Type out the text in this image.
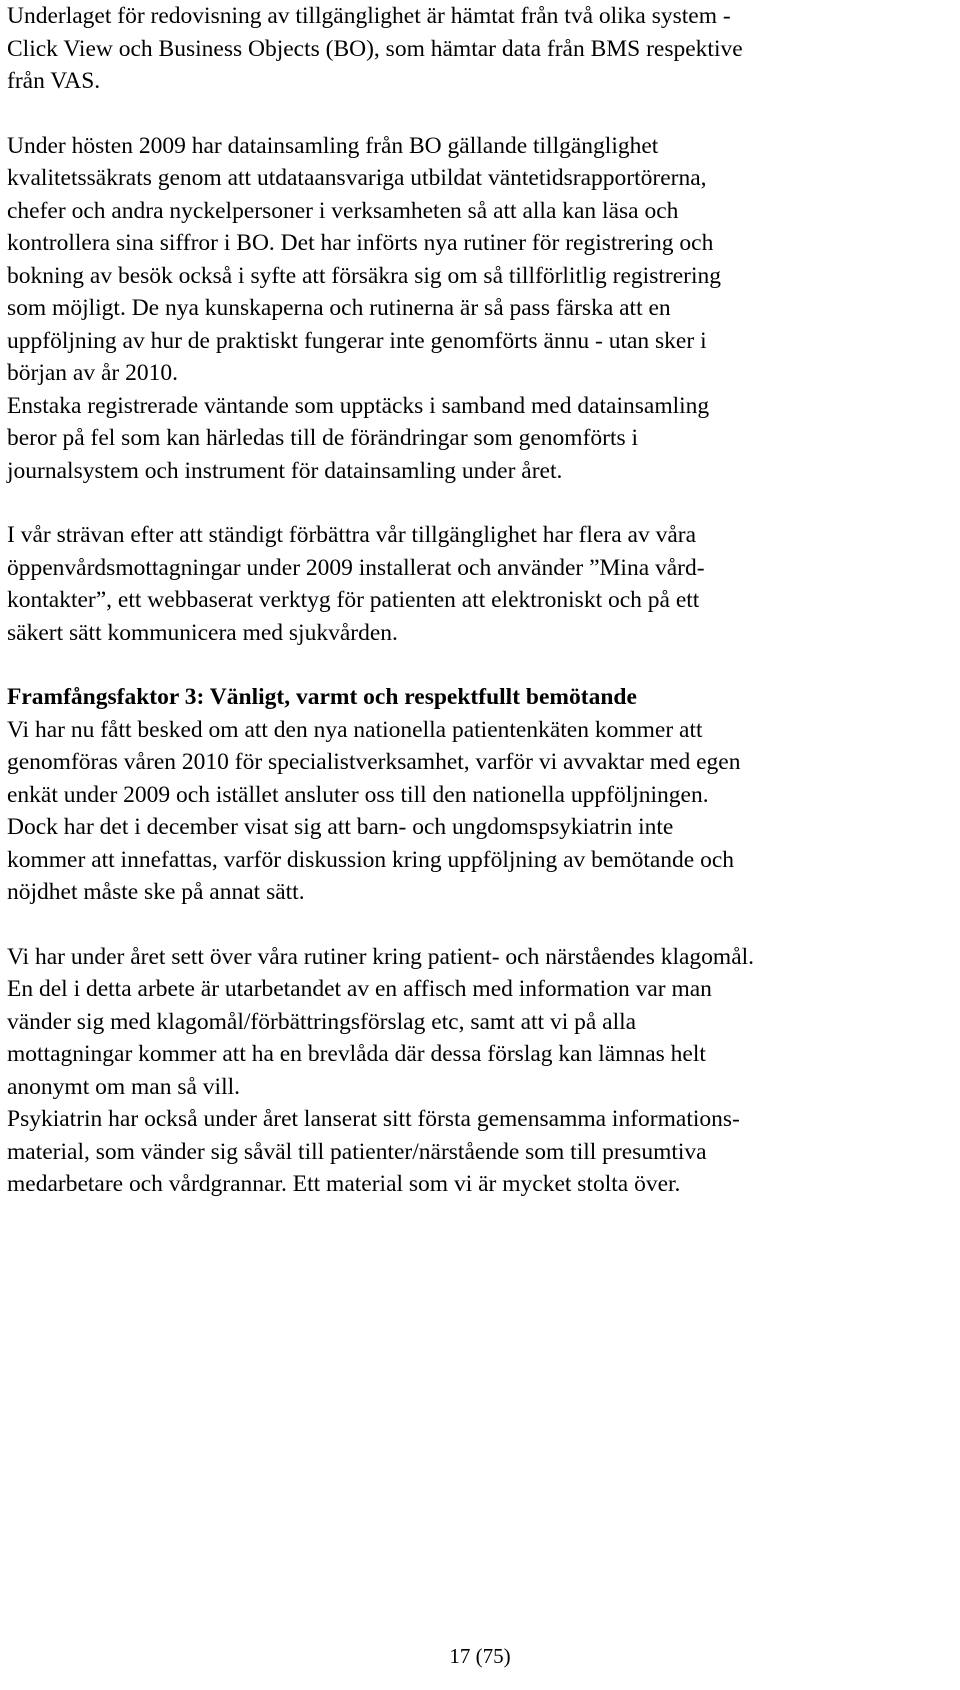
Underlaget för redovisning av tillgänglighet är hämtat från två olika system -
Click View och Business Objects (BO), som hämtar data från BMS respektive
från VAS.

Under hösten 2009 har datainsamling från BO gällande tillgänglighet
kvalitetssäkrats genom att utdataansvariga utbildat väntetidsrapportörerna,
chefer och andra nyckelpersoner i verksamheten så att alla kan läsa och
kontrollera sina siffror i BO. Det har införts nya rutiner för registrering och
bokning av besök också i syfte att försäkra sig om så tillförlitlig registrering
som möjligt. De nya kunskaperna och rutinerna är så pass färska att en
uppföljning av hur de praktiskt fungerar inte genomförts ännu - utan sker i
början av år 2010.

Enstaka registrerade väntande som upptäcks i samband med datainsamling
beror på fel som kan härledas till de förändringar som genomförts i
journalsystem och instrument för datainsamling under året.

I vår strävan efter att ständigt förbättra vår tillgänglighet har flera av våra
öppenvårdsmottagningar under 2009 installerat och använder ”Mina vård-
kontakter”, ett webbaserat verktyg för patienten att elektroniskt och på ett
säkert sätt kommunicera med sjukvården.

Framfångsfaktor 3: Vänligt, varmt och respektfullt bemötande

Vi har nu fått besked om att den nya nationella patientenkäten kommer att
genomföras våren 2010 för specialistverksamhet, varför vi avvaktar med egen
enkät under 2009 och istället ansluter oss till den nationella uppföljningen.

Dock har det i december visat sig att barn- och ungdomspsykiatrin inte
kommer att innefattas, varför diskussion kring uppföljning av bemötande och
nöjdhet måste ske på annat sätt.

Vi har under året sett över våra rutiner kring patient- och närståendes klagomål.
En del i detta arbete är utarbetandet av en affisch med information var man
vänder sig med klagomål/förbättringsförslag etc, samt att vi på alla
mottagningar kommer att ha en brevlåda där dessa förslag kan lämnas helt
anonymt om man så vill.

Psykiatrin har också under året lanserat sitt första gemensamma informations-
material, som vänder sig såväl till patienter/närstående som till presumtiva
medarbetare och vårdgrannar. Ett material som vi är mycket stolta över.

17 (75)
